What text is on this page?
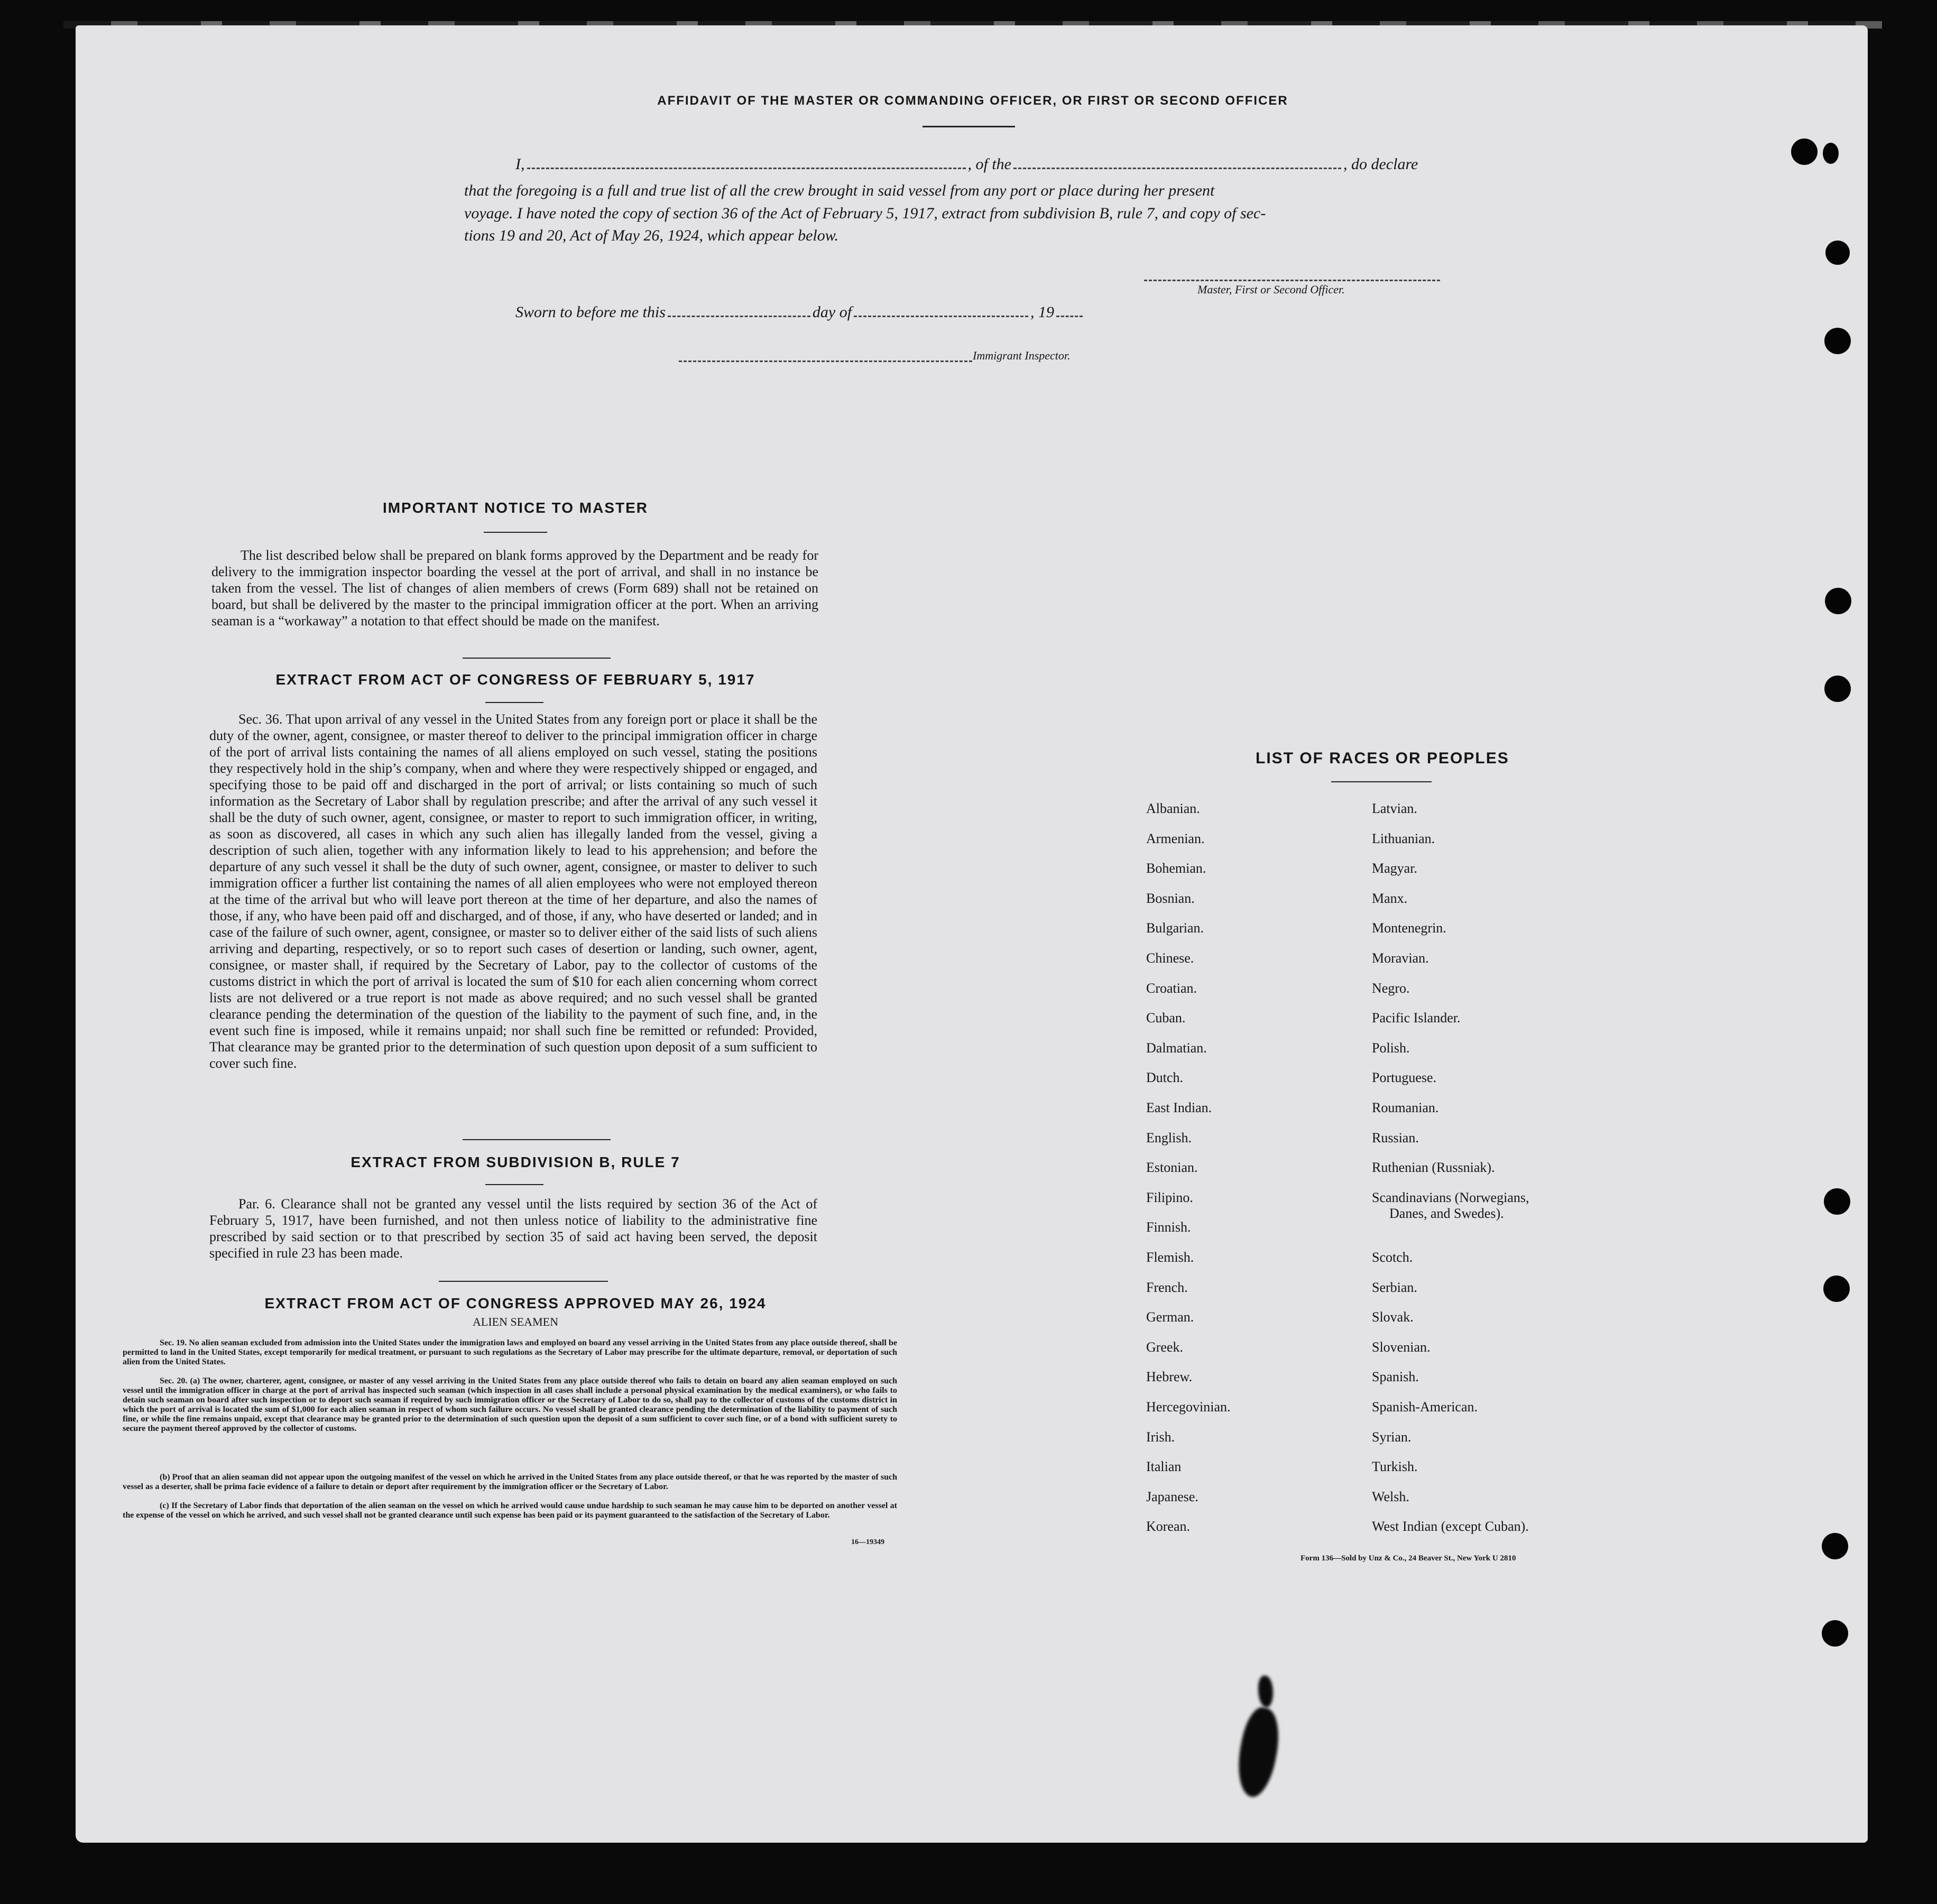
AFFIDAVIT OF THE MASTER OR COMMANDING OFFICER, OR FIRST OR SECOND OFFICER
I,	, of the	, do declare
that the foregoing is a full and true list of all the crew brought in said vessel from any port or place during her present
voyage. I have noted the copy of section 36 of the Act of February 5, 1917, extract from subdivision B, rule 7, and copy of sec-
tions 19 and 20, Act of May 26, 1924, which appear below.
Master, First or Second Officer.
Sworn to before me this	day of	, 19
Immigrant Inspector.
IMPORTANT NOTICE TO MASTER
The list described below shall be prepared on blank forms approved by the Department and be ready for delivery to the immigration inspector boarding the vessel at the port of arrival, and shall in no instance be taken from the vessel. The list of changes of alien members of crews (Form 689) shall not be retained on board, but shall be delivered by the master to the principal immigration officer at the port. When an arriving seaman is a “workaway” a notation to that effect should be made on the manifest.
EXTRACT FROM ACT OF CONGRESS OF FEBRUARY 5, 1917
Sec. 36. That upon arrival of any vessel in the United States from any foreign port or place it shall be the duty of the owner, agent, consignee, or master thereof to deliver to the principal immigration officer in charge of the port of arrival lists containing the names of all aliens employed on such vessel, stating the positions they respectively hold in the ship’s company, when and where they were respectively shipped or engaged, and specifying those to be paid off and discharged in the port of arrival; or lists containing so much of such information as the Secretary of Labor shall by regulation prescribe; and after the arrival of any such vessel it shall be the duty of such owner, agent, consignee, or master to report to such immigration officer, in writing, as soon as discovered, all cases in which any such alien has illegally landed from the vessel, giving a description of such alien, together with any information likely to lead to his apprehension; and before the departure of any such vessel it shall be the duty of such owner, agent, consignee, or master to deliver to such immigration officer a further list containing the names of all alien employees who were not employed thereon at the time of the arrival but who will leave port thereon at the time of her departure, and also the names of those, if any, who have been paid off and discharged, and of those, if any, who have deserted or landed; and in case of the failure of such owner, agent, consignee, or master so to deliver either of the said lists of such aliens arriving and departing, respectively, or so to report such cases of desertion or landing, such owner, agent, consignee, or master shall, if required by the Secretary of Labor, pay to the collector of customs of the customs district in which the port of arrival is located the sum of $10 for each alien concerning whom correct lists are not delivered or a true report is not made as above required; and no such vessel shall be granted clearance pending the determination of the question of the liability to the payment of such fine, and, in the event such fine is imposed, while it remains unpaid; nor shall such fine be remitted or refunded: Provided, That clearance may be granted prior to the determination of such question upon deposit of a sum sufficient to cover such fine.
EXTRACT FROM SUBDIVISION B, RULE 7
Par. 6. Clearance shall not be granted any vessel until the lists required by section 36 of the Act of February 5, 1917, have been furnished, and not then unless notice of liability to the administrative fine prescribed by said section or to that prescribed by section 35 of said act having been served, the deposit specified in rule 23 has been made.
EXTRACT FROM ACT OF CONGRESS APPROVED MAY 26, 1924
ALIEN SEAMEN
Sec. 19. No alien seaman excluded from admission into the United States under the immigration laws and employed on board any vessel arriving in the United States from any place outside thereof, shall be permitted to land in the United States, except temporarily for medical treatment, or pursuant to such regulations as the Secretary of Labor may prescribe for the ultimate departure, removal, or deportation of such alien from the United States.
Sec. 20. (a) The owner, charterer, agent, consignee, or master of any vessel arriving in the United States from any place outside thereof who fails to detain on board any alien seaman employed on such vessel until the immigration officer in charge at the port of arrival has inspected such seaman (which inspection in all cases shall include a personal physical examination by the medical examiners), or who fails to detain such seaman on board after such inspection or to deport such seaman if required by such immigration officer or the Secretary of Labor to do so, shall pay to the collector of customs of the customs district in which the port of arrival is located the sum of $1,000 for each alien seaman in respect of whom such failure occurs. No vessel shall be granted clearance pending the determination of the liability to payment of such fine, or while the fine remains unpaid, except that clearance may be granted prior to the determination of such question upon the deposit of a sum sufficient to cover such fine, or of a bond with sufficient surety to secure the payment thereof approved by the collector of customs.
(b) Proof that an alien seaman did not appear upon the outgoing manifest of the vessel on which he arrived in the United States from any place outside thereof, or that he was reported by the master of such vessel as a deserter, shall be prima facie evidence of a failure to detain or deport after requirement by the immigration officer or the Secretary of Labor.
(c) If the Secretary of Labor finds that deportation of the alien seaman on the vessel on which he arrived would cause undue hardship to such seaman he may cause him to be deported on another vessel at the expense of the vessel on which he arrived, and such vessel shall not be granted clearance until such expense has been paid or its payment guaranteed to the satisfaction of the Secretary of Labor.
16—19349
LIST OF RACES OR PEOPLES
Albanian.
Armenian.
Bohemian.
Bosnian.
Bulgarian.
Chinese.
Croatian.
Cuban.
Dalmatian.
Dutch.
East Indian.
English.
Estonian.
Filipino.
Finnish.
Flemish.
French.
German.
Greek.
Hebrew.
Hercegovinian.
Irish.
Italian
Japanese.
Korean.
Latvian.
Lithuanian.
Magyar.
Manx.
Montenegrin.
Moravian.
Negro.
Pacific Islander.
Polish.
Portuguese.
Roumanian.
Russian.
Ruthenian (Russniak).
Scandinavians (Norwegians,
Danes, and Swedes).
Scotch.
Serbian.
Slovak.
Slovenian.
Spanish.
Spanish-American.
Syrian.
Turkish.
Welsh.
West Indian (except Cuban).
Form 136—Sold by Unz & Co., 24 Beaver St., New York U 2810
